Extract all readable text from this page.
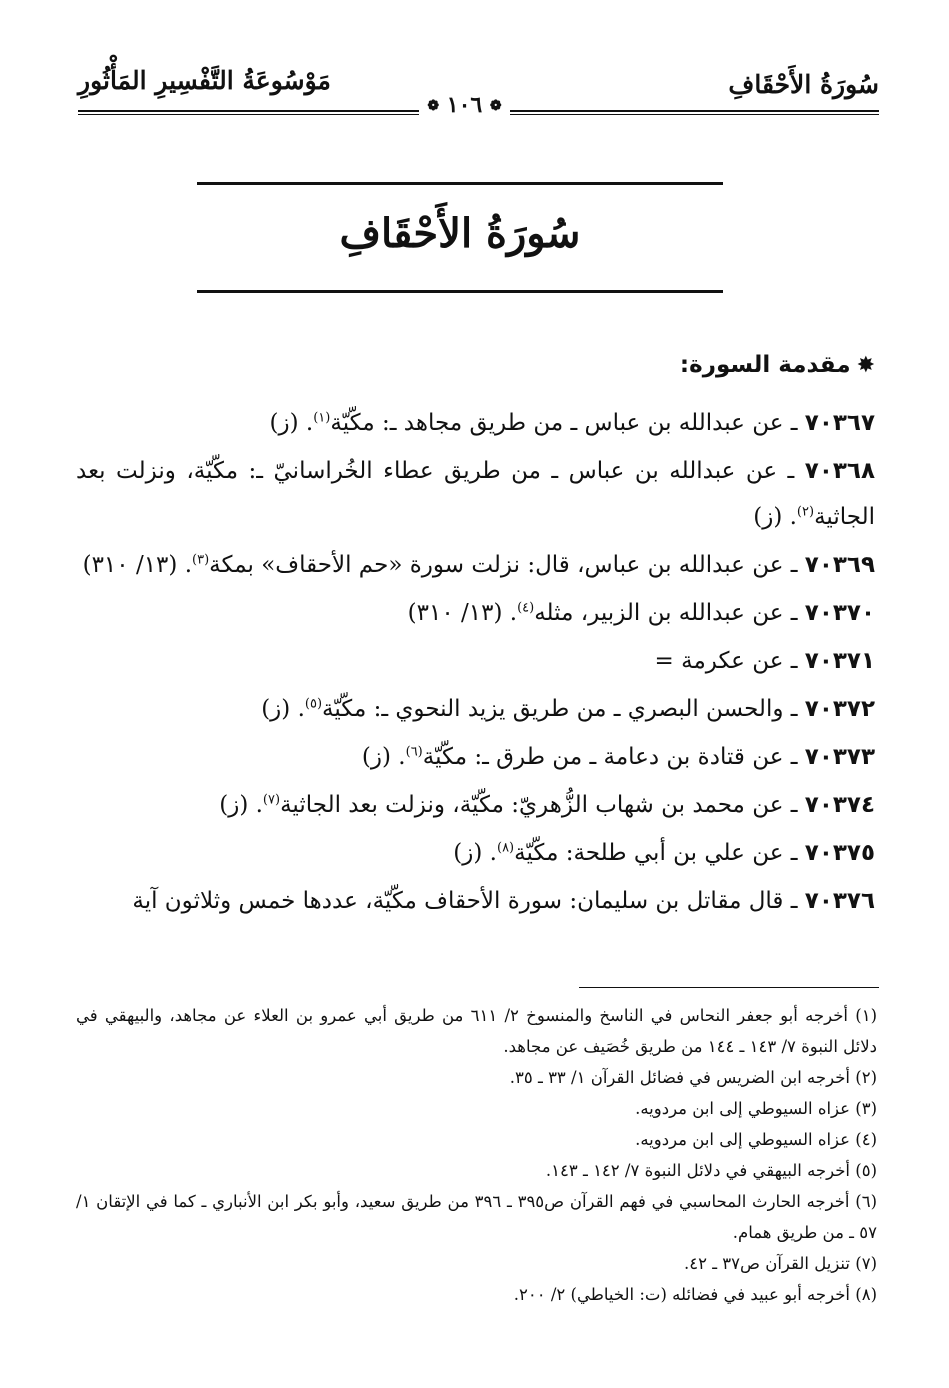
سُورَةُ الأَحْقَافِ
مَوْسُوعَةُ التَّفْسِيرِ المَأْثُورِ
❁ ١٠٦ ❁
سُورَةُ الأَحْقَافِ
✸مقدمة السورة:

٧٠٣٦٧ ـ عن عبدالله بن عباس ـ من طريق مجاهد ـ: مكّيّة$^{(١)}$. (ز)

٧٠٣٦٨ ـ عن عبدالله بن عباس ـ من طريق عطاء الخُراسانيّ ـ: مكّيّة، ونزلت بعد الجاثية$^{(٢)}$. (ز)

٧٠٣٦٩ ـ عن عبدالله بن عباس، قال: نزلت سورة «حم الأحقاف» بمكة$^{(٣)}$. (١٣/ ٣١٠)

٧٠٣٧٠ ـ عن عبدالله بن الزبير، مثله$^{(٤)}$. (١٣/ ٣١٠)

٧٠٣٧١ ـ عن عكرمة =

٧٠٣٧٢ ـ والحسن البصري ـ من طريق يزيد النحوي ـ: مكّيّة$^{(٥)}$. (ز)

٧٠٣٧٣ ـ عن قتادة بن دعامة ـ من طرق ـ: مكّيّة$^{(٦)}$. (ز)

٧٠٣٧٤ ـ عن محمد بن شهاب الزُّهريّ: مكّيّة، ونزلت بعد الجاثية$^{(٧)}$. (ز)

٧٠٣٧٥ ـ عن علي بن أبي طلحة: مكّيّة$^{(٨)}$. (ز)

٧٠٣٧٦ ـ قال مقاتل بن سليمان: سورة الأحقاف مكّيّة، عددها خمس وثلاثون آية

(١) أخرجه أبو جعفر النحاس في الناسخ والمنسوخ ٢/ ٦١١ من طريق أبي عمرو بن العلاء عن مجاهد، والبيهقي في دلائل النبوة ٧/ ١٤٣ ـ ١٤٤ من طريق خُصَيف عن مجاهد.

(٢) أخرجه ابن الضريس في فضائل القرآن ١/ ٣٣ ـ ٣٥.

(٣) عزاه السيوطي إلى ابن مردويه.

(٤) عزاه السيوطي إلى ابن مردويه.

(٥) أخرجه البيهقي في دلائل النبوة ٧/ ١٤٢ ـ ١٤٣.

(٦) أخرجه الحارث المحاسبي في فهم القرآن ص٣٩٥ ـ ٣٩٦ من طريق سعيد، وأبو بكر ابن الأنباري ـ كما في الإتقان ١/ ٥٧ ـ من طريق همام.

(٧) تنزيل القرآن ص٣٧ ـ ٤٢.

(٨) أخرجه أبو عبيد في فضائله (ت: الخياطي) ٢/ ٢٠٠.
